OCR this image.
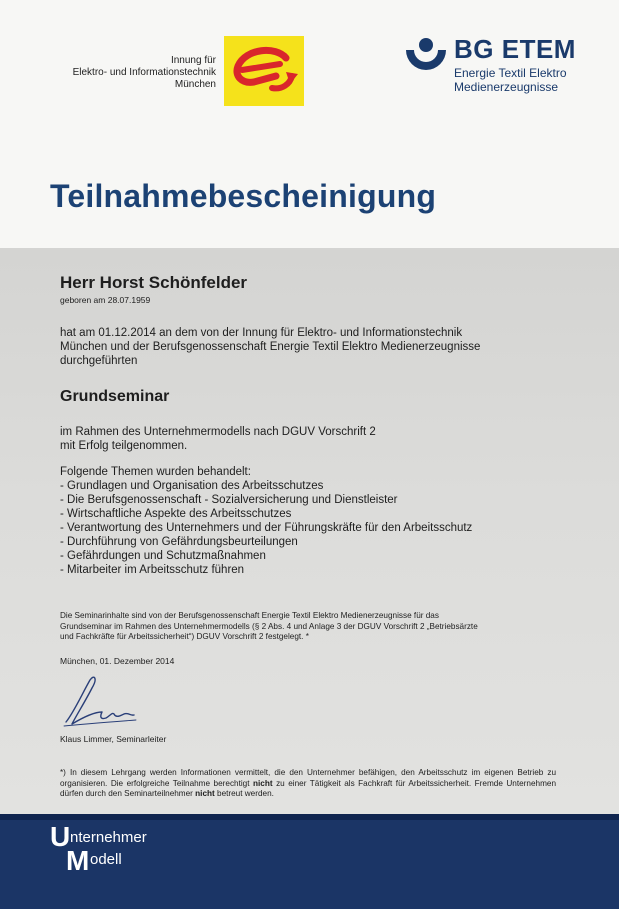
Innung für
Elektro- und Informationstechnik
München
BG ETEM
Energie Textil Elektro
Medienerzeugnisse
Teilnahmebescheinigung
Herr Horst Schönfelder
geboren am 28.07.1959
hat am 01.12.2014 an dem von der Innung für Elektro- und Informationstechnik
München und der Berufsgenossenschaft Energie Textil Elektro Medienerzeugnisse
durchgeführten
Grundseminar
im Rahmen des Unternehmermodells nach DGUV Vorschrift 2
mit Erfolg teilgenommen.
Folgende Themen wurden behandelt:
- Grundlagen und Organisation des Arbeitsschutzes
- Die Berufsgenossenschaft - Sozialversicherung und Dienstleister
- Wirtschaftliche Aspekte des Arbeitsschutzes
- Verantwortung des Unternehmers und der Führungskräfte für den Arbeitsschutz
- Durchführung von Gefährdungsbeurteilungen
- Gefährdungen und Schutzmaßnahmen
- Mitarbeiter im Arbeitsschutz führen
Die Seminarinhalte sind von der Berufsgenossenschaft Energie Textil Elektro Medienerzeugnisse für das
Grundseminar im Rahmen des Unternehmermodells (§ 2 Abs. 4 und Anlage 3 der DGUV Vorschrift 2 „Betriebsärzte
und Fachkräfte für Arbeitssicherheit“) DGUV Vorschrift 2 festgelegt. *
München, 01. Dezember 2014
Klaus Limmer, Seminarleiter
*) In diesem Lehrgang werden Informationen vermittelt, die den Unternehmer befähigen, den Arbeitsschutz im eigenen Betrieb zu organisieren. Die erfolgreiche Teilnahme berechtigt nicht zu einer Tätigkeit als Fachkraft für Arbeitssicherheit. Fremde Unternehmen dürfen durch den Seminarteilnehmer nicht betreut werden.
U nternehmer
M odell
